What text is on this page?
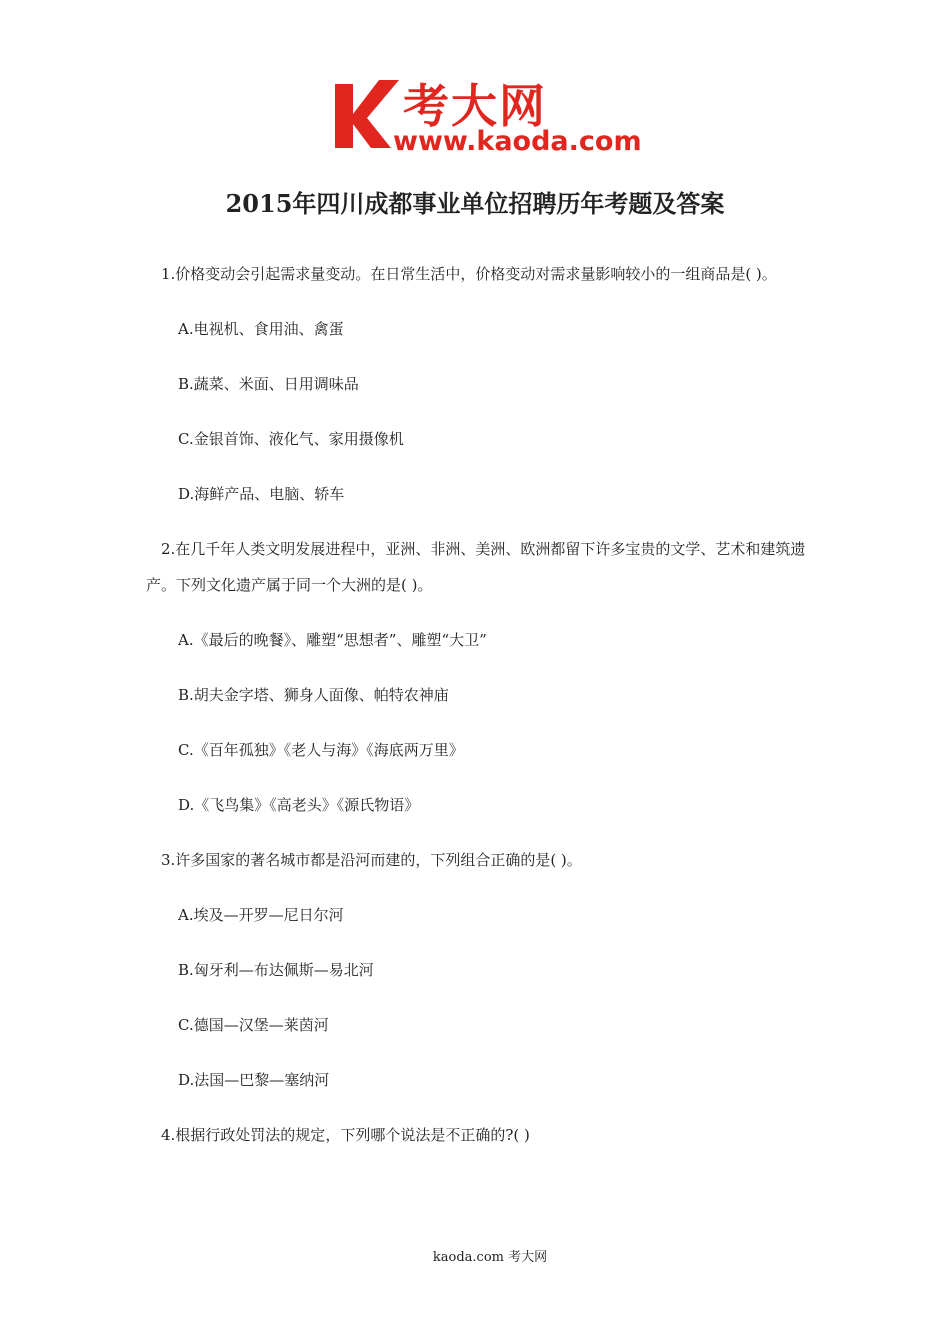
考大网
www.kaoda.com
2015年四川成都事业单位招聘历年考题及答案

1.价格变动会引起需求量变动。在日常生活中，价格变动对需求量影响较小的一组商品是( )。

A.电视机、食用油、禽蛋

B.蔬菜、米面、日用调味品

C.金银首饰、液化气、家用摄像机

D.海鲜产品、电脑、轿车

2.在几千年人类文明发展进程中，亚洲、非洲、美洲、欧洲都留下许多宝贵的文学、艺术和建筑遗产。下列文化遗产属于同一个大洲的是( )。

A.《最后的晚餐》、雕塑“思想者”、雕塑“大卫”

B.胡夫金字塔、狮身人面像、帕特农神庙

C.《百年孤独》《老人与海》《海底两万里》

D.《飞鸟集》《高老头》《源氏物语》

3.许多国家的著名城市都是沿河而建的，下列组合正确的是( )。

A.埃及—开罗—尼日尔河

B.匈牙利—布达佩斯—易北河

C.德国—汉堡—莱茵河

D.法国—巴黎—塞纳河

4.根据行政处罚法的规定，下列哪个说法是不正确的?( )

kaoda.com 考大网
